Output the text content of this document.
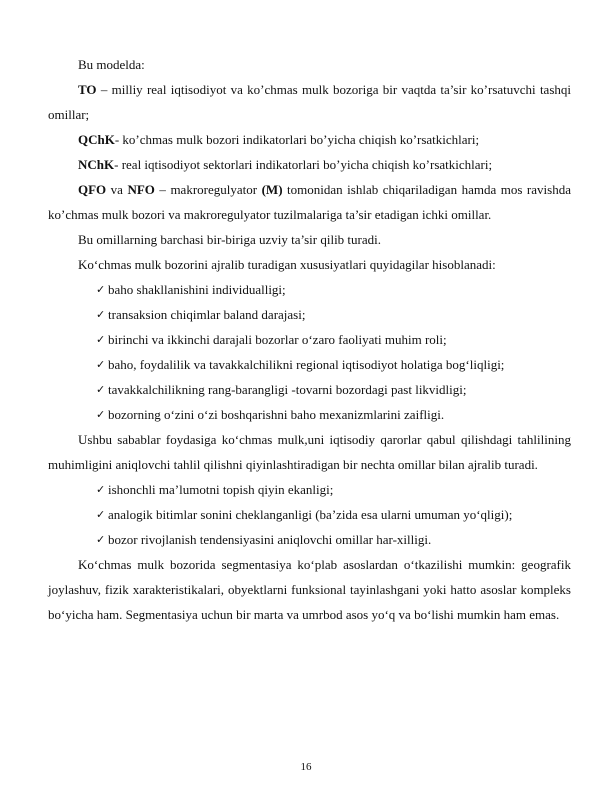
Bu modelda:

TO – milliy real iqtisodiyot va ko’chmas mulk bozoriga bir vaqtda ta’sir ko’rsatuvchi tashqi omillar;

QChK- ko’chmas mulk bozori indikatorlari bo’yicha chiqish ko’rsatkichlari;

NChK- real iqtisodiyot sektorlari indikatorlari bo’yicha chiqish ko’rsatkichlari;

QFO va NFO – makroregulyator (M) tomonidan ishlab chiqariladigan hamda mos ravishda ko’chmas mulk bozori va makroregulyator tuzilmalariga ta’sir etadigan ichki omillar.

Bu omillarning barchasi bir-biriga uzviy ta’sir qilib turadi.

Ko‘chmas mulk bozorini ajralib turadigan xususiyatlari quyidagilar hisoblanadi:

✓ baho shakllanishini individualligi;
✓ transaksion chiqimlar baland darajasi;
✓ birinchi va ikkinchi darajali bozorlar o‘zaro faoliyati muhim roli;
✓ baho, foydalilik va tavakkalchilikni regional iqtisodiyot holatiga bog‘liqligi;
✓ tavakkalchilikning rang-barangligi -tovarni bozordagi past likvidligi;
✓ bozorning o‘zini o‘zi boshqarishni baho mexanizmlarini zaifligi.

Ushbu sabablar foydasiga ko‘chmas mulk,uni iqtisodiy qarorlar qabul qilishdagi tahlilining muhimligini aniqlovchi tahlil qilishni qiyinlashtiradigan bir nechta omillar bilan ajralib turadi.

✓ ishonchli ma’lumotni topish qiyin ekanligi;
✓ analogik bitimlar sonini cheklanganligi (ba’zida esa ularni umuman yo‘qligi);
✓ bozor rivojlanish tendensiyasini aniqlovchi omillar har-xilligi.

Ko‘chmas mulk bozorida segmentasiya ko‘plab asoslardan o‘tkazilishi mumkin: geografik joylashuv, fizik xarakteristikalari, obyektlarni funksional tayinlashgani yoki hatto asoslar kompleks bo‘yicha ham. Segmentasiya uchun bir marta va umrbod asos yo‘q va bo‘lishi mumkin ham emas.

16
